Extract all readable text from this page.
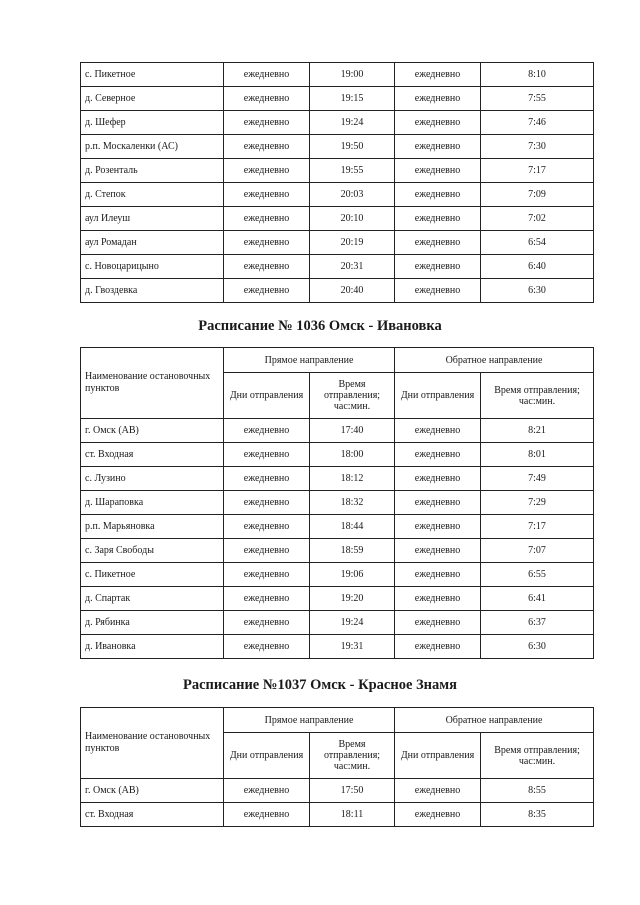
с. Пикетное	ежедневно	19:00	ежедневно	8:10
д. Северное	ежедневно	19:15	ежедневно	7:55
д. Шефер	ежедневно	19:24	ежедневно	7:46
р.п. Москаленки (АС)	ежедневно	19:50	ежедневно	7:30
д. Розенталь	ежедневно	19:55	ежедневно	7:17
д. Степок	ежедневно	20:03	ежедневно	7:09
аул Илеуш	ежедневно	20:10	ежедневно	7:02
аул Ромадан	ежедневно	20:19	ежедневно	6:54
с. Новоцарицыно	ежедневно	20:31	ежедневно	6:40
д. Гвоздевка	ежедневно	20:40	ежедневно	6:30
Расписание № 1036 Омск - Ивановка
Наименование остановочных пунктов	Прямое направление		Обратное направление	
	Дни отправления	Время отправления; час:мин.	Дни отправления	Время отправления; час:мин.
г. Омск (АВ)	ежедневно	17:40	ежедневно	8:21
ст. Входная	ежедневно	18:00	ежедневно	8:01
с. Лузино	ежедневно	18:12	ежедневно	7:49
д. Шараповка	ежедневно	18:32	ежедневно	7:29
р.п. Марьяновка	ежедневно	18:44	ежедневно	7:17
с. Заря Свободы	ежедневно	18:59	ежедневно	7:07
с. Пикетное	ежедневно	19:06	ежедневно	6:55
д. Спартак	ежедневно	19:20	ежедневно	6:41
д. Рябинка	ежедневно	19:24	ежедневно	6:37
д. Ивановка	ежедневно	19:31	ежедневно	6:30
Расписание №1037 Омск - Красное Знамя
Наименование остановочных пунктов	Прямое направление		Обратное направление	
	Дни отправления	Время отправления; час:мин.	Дни отправления	Время отправления; час:мин.
г. Омск (АВ)	ежедневно	17:50	ежедневно	8:55
ст. Входная	ежедневно	18:11	ежедневно	8:35
